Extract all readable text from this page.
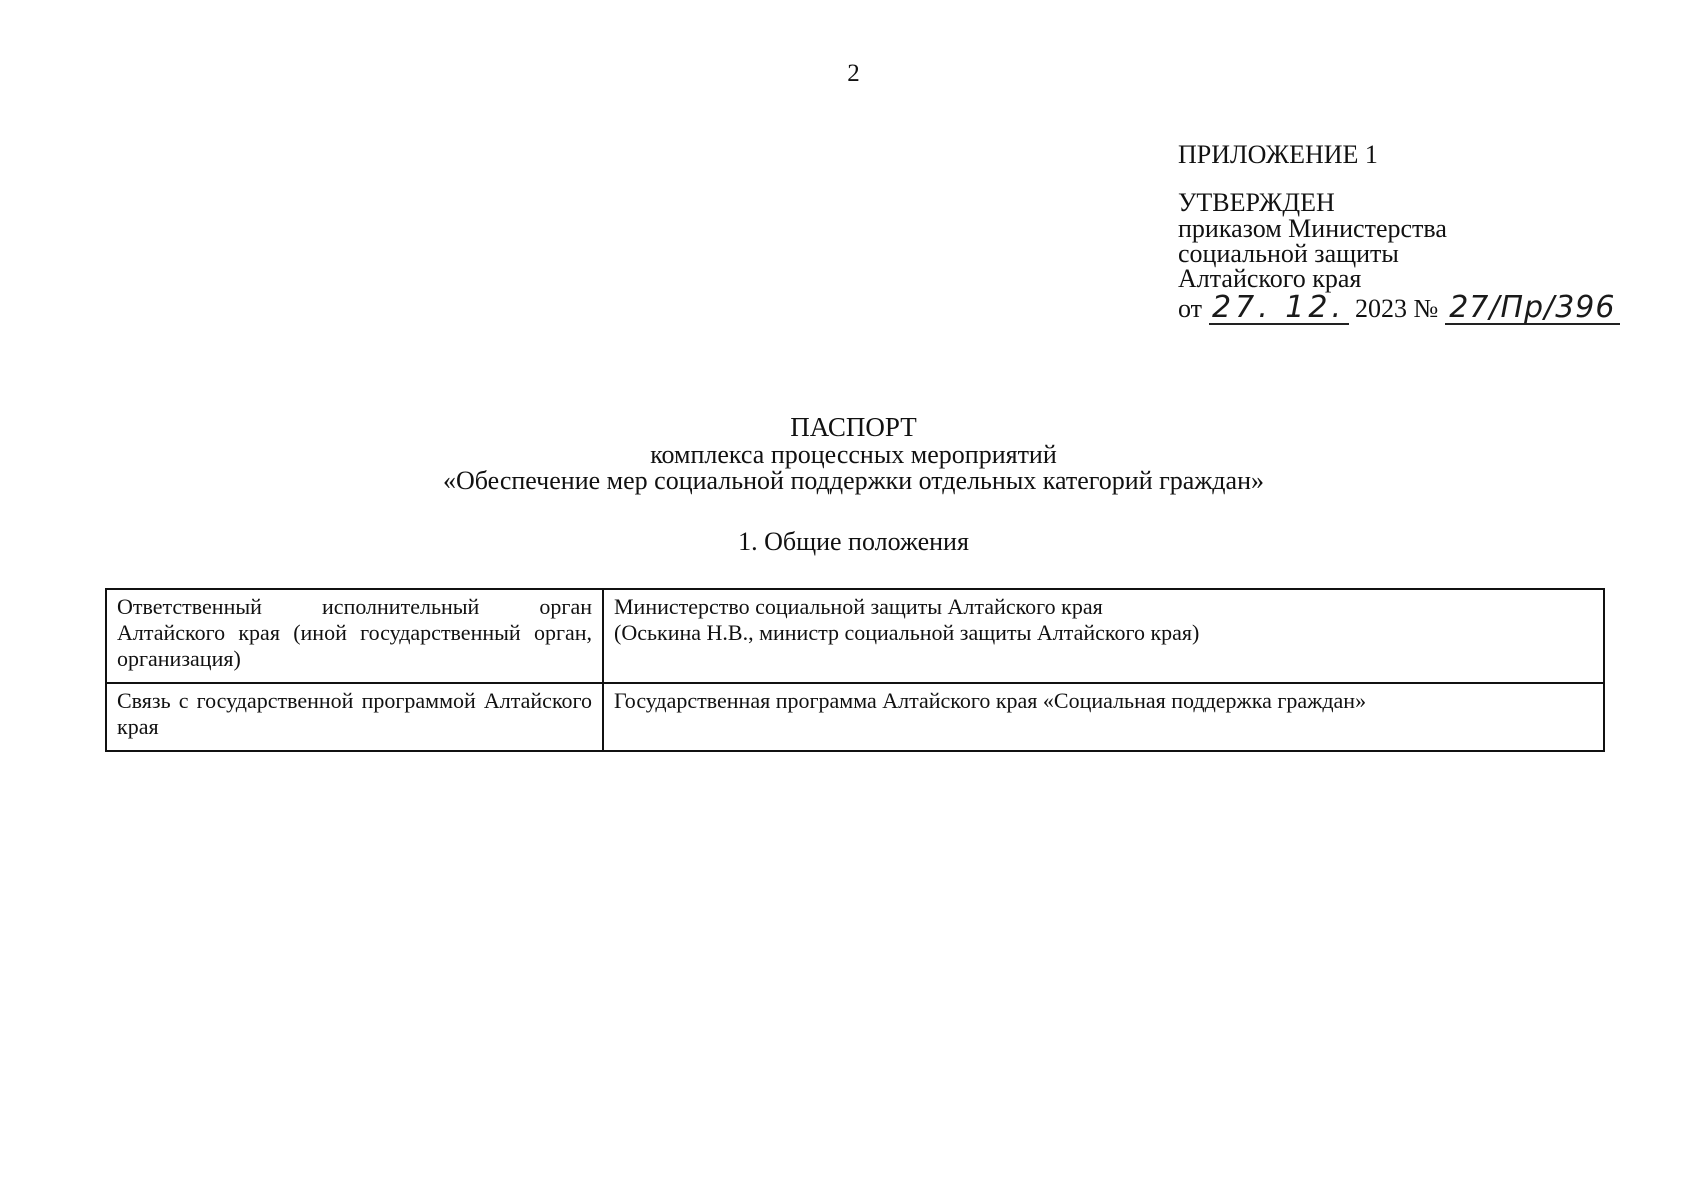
2
ПРИЛОЖЕНИЕ 1
УТВЕРЖДЕН
приказом Министерства
социальной защиты
Алтайского края
от 27. 12. 2023 № 27/Пр/396
ПАСПОРТ
комплекса процессных мероприятий
«Обеспечение мер социальной поддержки отдельных категорий граждан»
1. Общие положения
Ответственный исполнительный орган Алтайского края (иной государственный орган, организация)	Министерство социальной защиты Алтайского края
(Оськина Н.В., министр социальной защиты Алтайского края)

Связь с государственной программой Алтайского края	Государственная программа Алтайского края «Социальная поддержка граждан»
